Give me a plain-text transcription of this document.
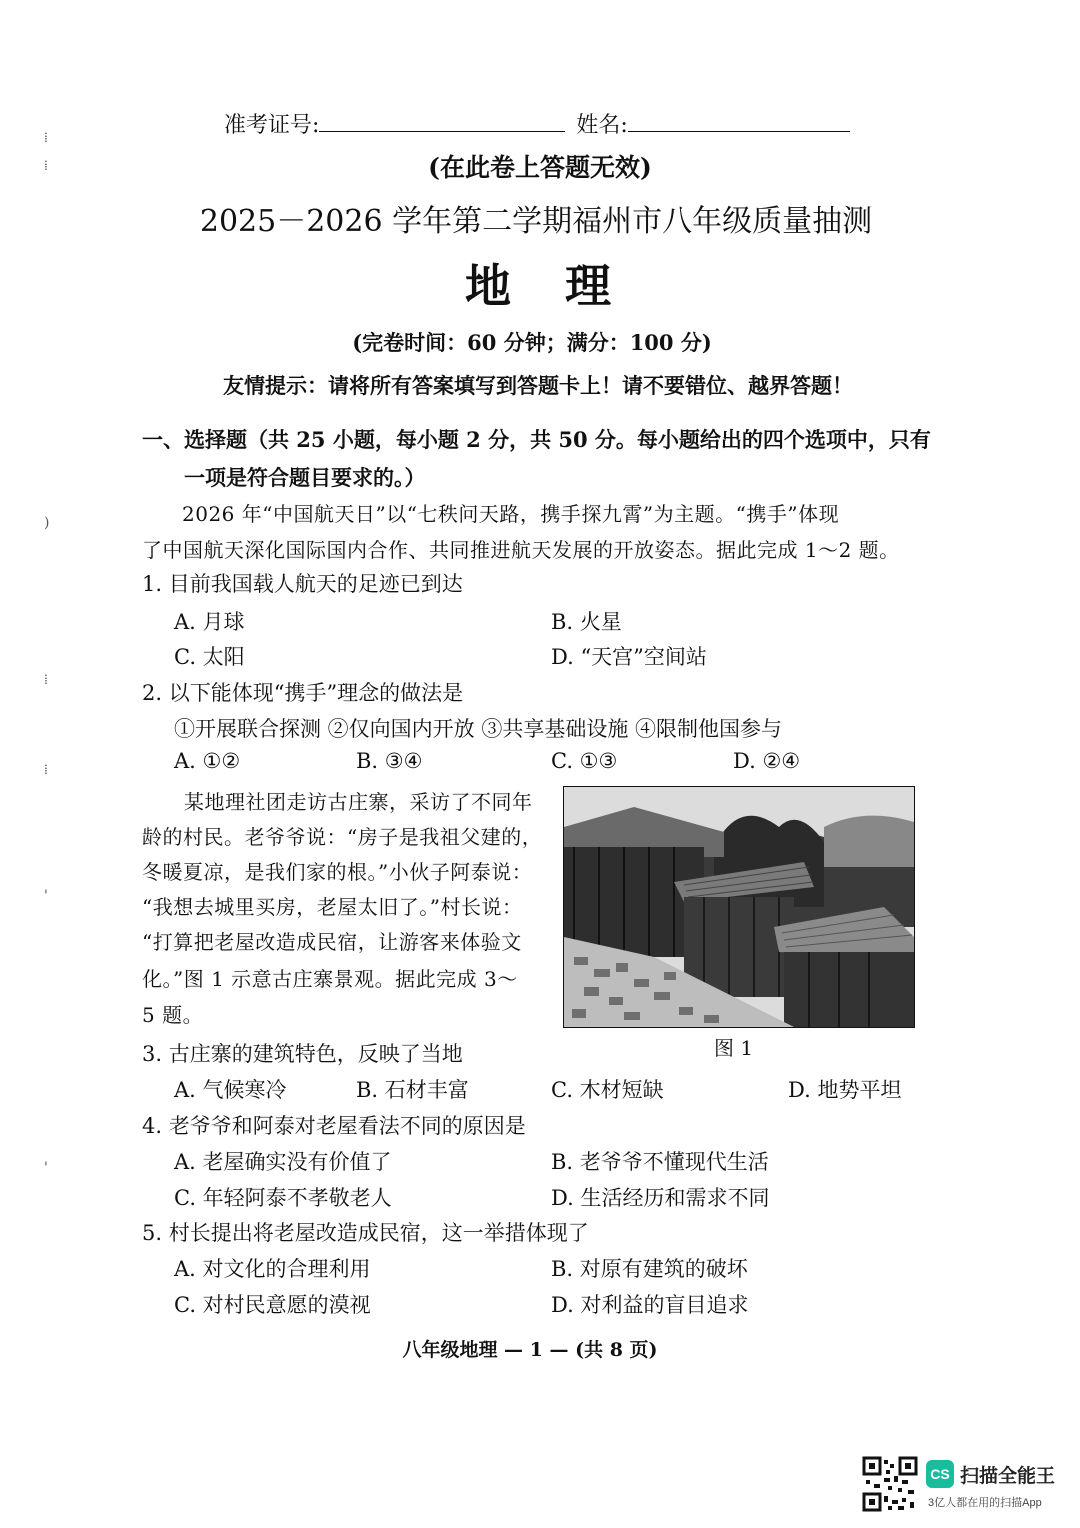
⁞
⁞
)
⁞
⁞
'
'
准考证号:	姓名:
(在此卷上答题无效)
2025－2026 学年第二学期福州市八年级质量抽测
地　理
(完卷时间：60 分钟；满分：100 分)
友情提示：请将所有答案填写到答题卡上！请不要错位、越界答题！
一、选择题（共 25 小题，每小题 2 分，共 50 分。每小题给出的四个选项中，只有
一项是符合题目要求的。）
2026 年“中国航天日”以“七秩问天路，携手探九霄”为主题。“携手”体现
了中国航天深化国际国内合作、共同推进航天发展的开放姿态。据此完成 1～2 题。
1. 目前我国载人航天的足迹已到达
A. 月球	B. 火星
C. 太阳	D. “天宫”空间站
2. 以下能体现“携手”理念的做法是
①开展联合探测 ②仅向国内开放 ③共享基础设施 ④限制他国参与
A. ①②	B. ③④	C. ①③	D. ②④
某地理社团走访古庄寨，采访了不同年
龄的村民。老爷爷说：“房子是我祖父建的，
冬暖夏凉，是我们家的根。”小伙子阿泰说：
“我想去城里买房，老屋太旧了。”村长说：
“打算把老屋改造成民宿，让游客来体验文
化。”图 1 示意古庄寨景观。据此完成 3～
5 题。
图 1
3. 古庄寨的建筑特色，反映了当地
A. 气候寒冷	B. 石材丰富	C. 木材短缺	D. 地势平坦
4. 老爷爷和阿泰对老屋看法不同的原因是
A. 老屋确实没有价值了	B. 老爷爷不懂现代生活
C. 年轻阿泰不孝敬老人	D. 生活经历和需求不同
5. 村长提出将老屋改造成民宿，这一举措体现了
A. 对文化的合理利用	B. 对原有建筑的破坏
C. 对村民意愿的漠视	D. 对利益的盲目追求
八年级地理 — 1 — (共 8 页)
CS 扫描全能王
3亿人都在用的扫描App
